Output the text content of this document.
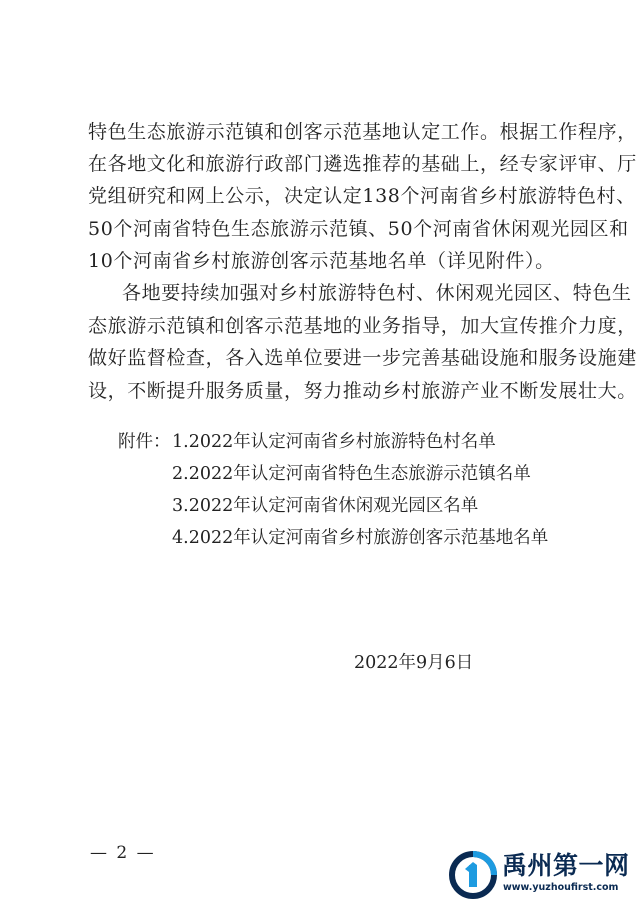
特色生态旅游示范镇和创客示范基地认定工作。根据工作程序，
在各地文化和旅游行政部门遴选推荐的基础上，经专家评审、厅
党组研究和网上公示，决定认定138个河南省乡村旅游特色村、
50个河南省特色生态旅游示范镇、50个河南省休闲观光园区和
10个河南省乡村旅游创客示范基地名单（详见附件）。
各地要持续加强对乡村旅游特色村、休闲观光园区、特色生
态旅游示范镇和创客示范基地的业务指导，加大宣传推介力度，
做好监督检查，各入选单位要进一步完善基础设施和服务设施建
设，不断提升服务质量，努力推动乡村旅游产业不断发展壮大。
附件： 1.2022年认定河南省乡村旅游特色村名单
2.2022年认定河南省特色生态旅游示范镇名单
3.2022年认定河南省休闲观光园区名单
4.2022年认定河南省乡村旅游创客示范基地名单
2022年9月6日
— 2 —	禹州第一网
www.yuzhoufirst.com
